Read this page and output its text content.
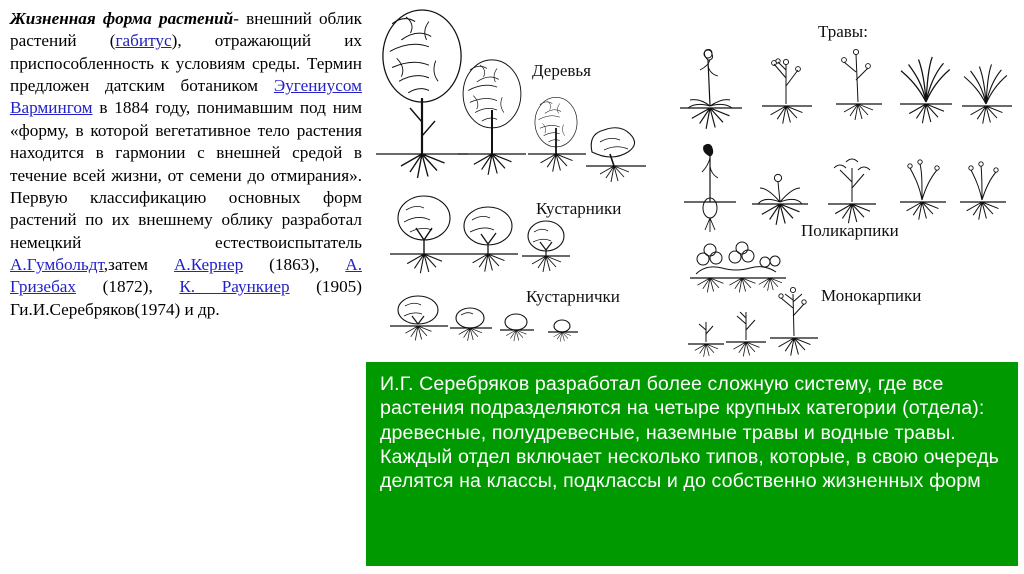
Жизненная форма растений- внешний облик растений (габитус), отражающий их приспособленность к условиям среды. Термин предложен датским ботаником Эугениусом Вармингом в 1884 году, понимавшим под ним «форму, в которой вегетативное тело растения находится в гармонии с внешней средой в течение всей жизни, от семени до отмирания». Первую классификацию основных форм растений по их внешнему облику разработал немецкий естествоиспытатель А.Гумбольдт,затем А.Кернер (1863), А. Гризебах (1872), К. Раункиер (1905) Ги.И.Серебряков(1974) и др.

Деревья
Кустарники
Кустарнички
Травы:
Поликарпики
Монокарпики

И.Г. Серебряков разработал более сложную систему, где все растения подразделяются на четыре крупных категории (отдела): древесные, полудревесные, наземные травы и водные травы. Каждый отдел включает несколько типов, которые, в свою очередь делятся на классы, подклассы и до собственно жизненных форм
